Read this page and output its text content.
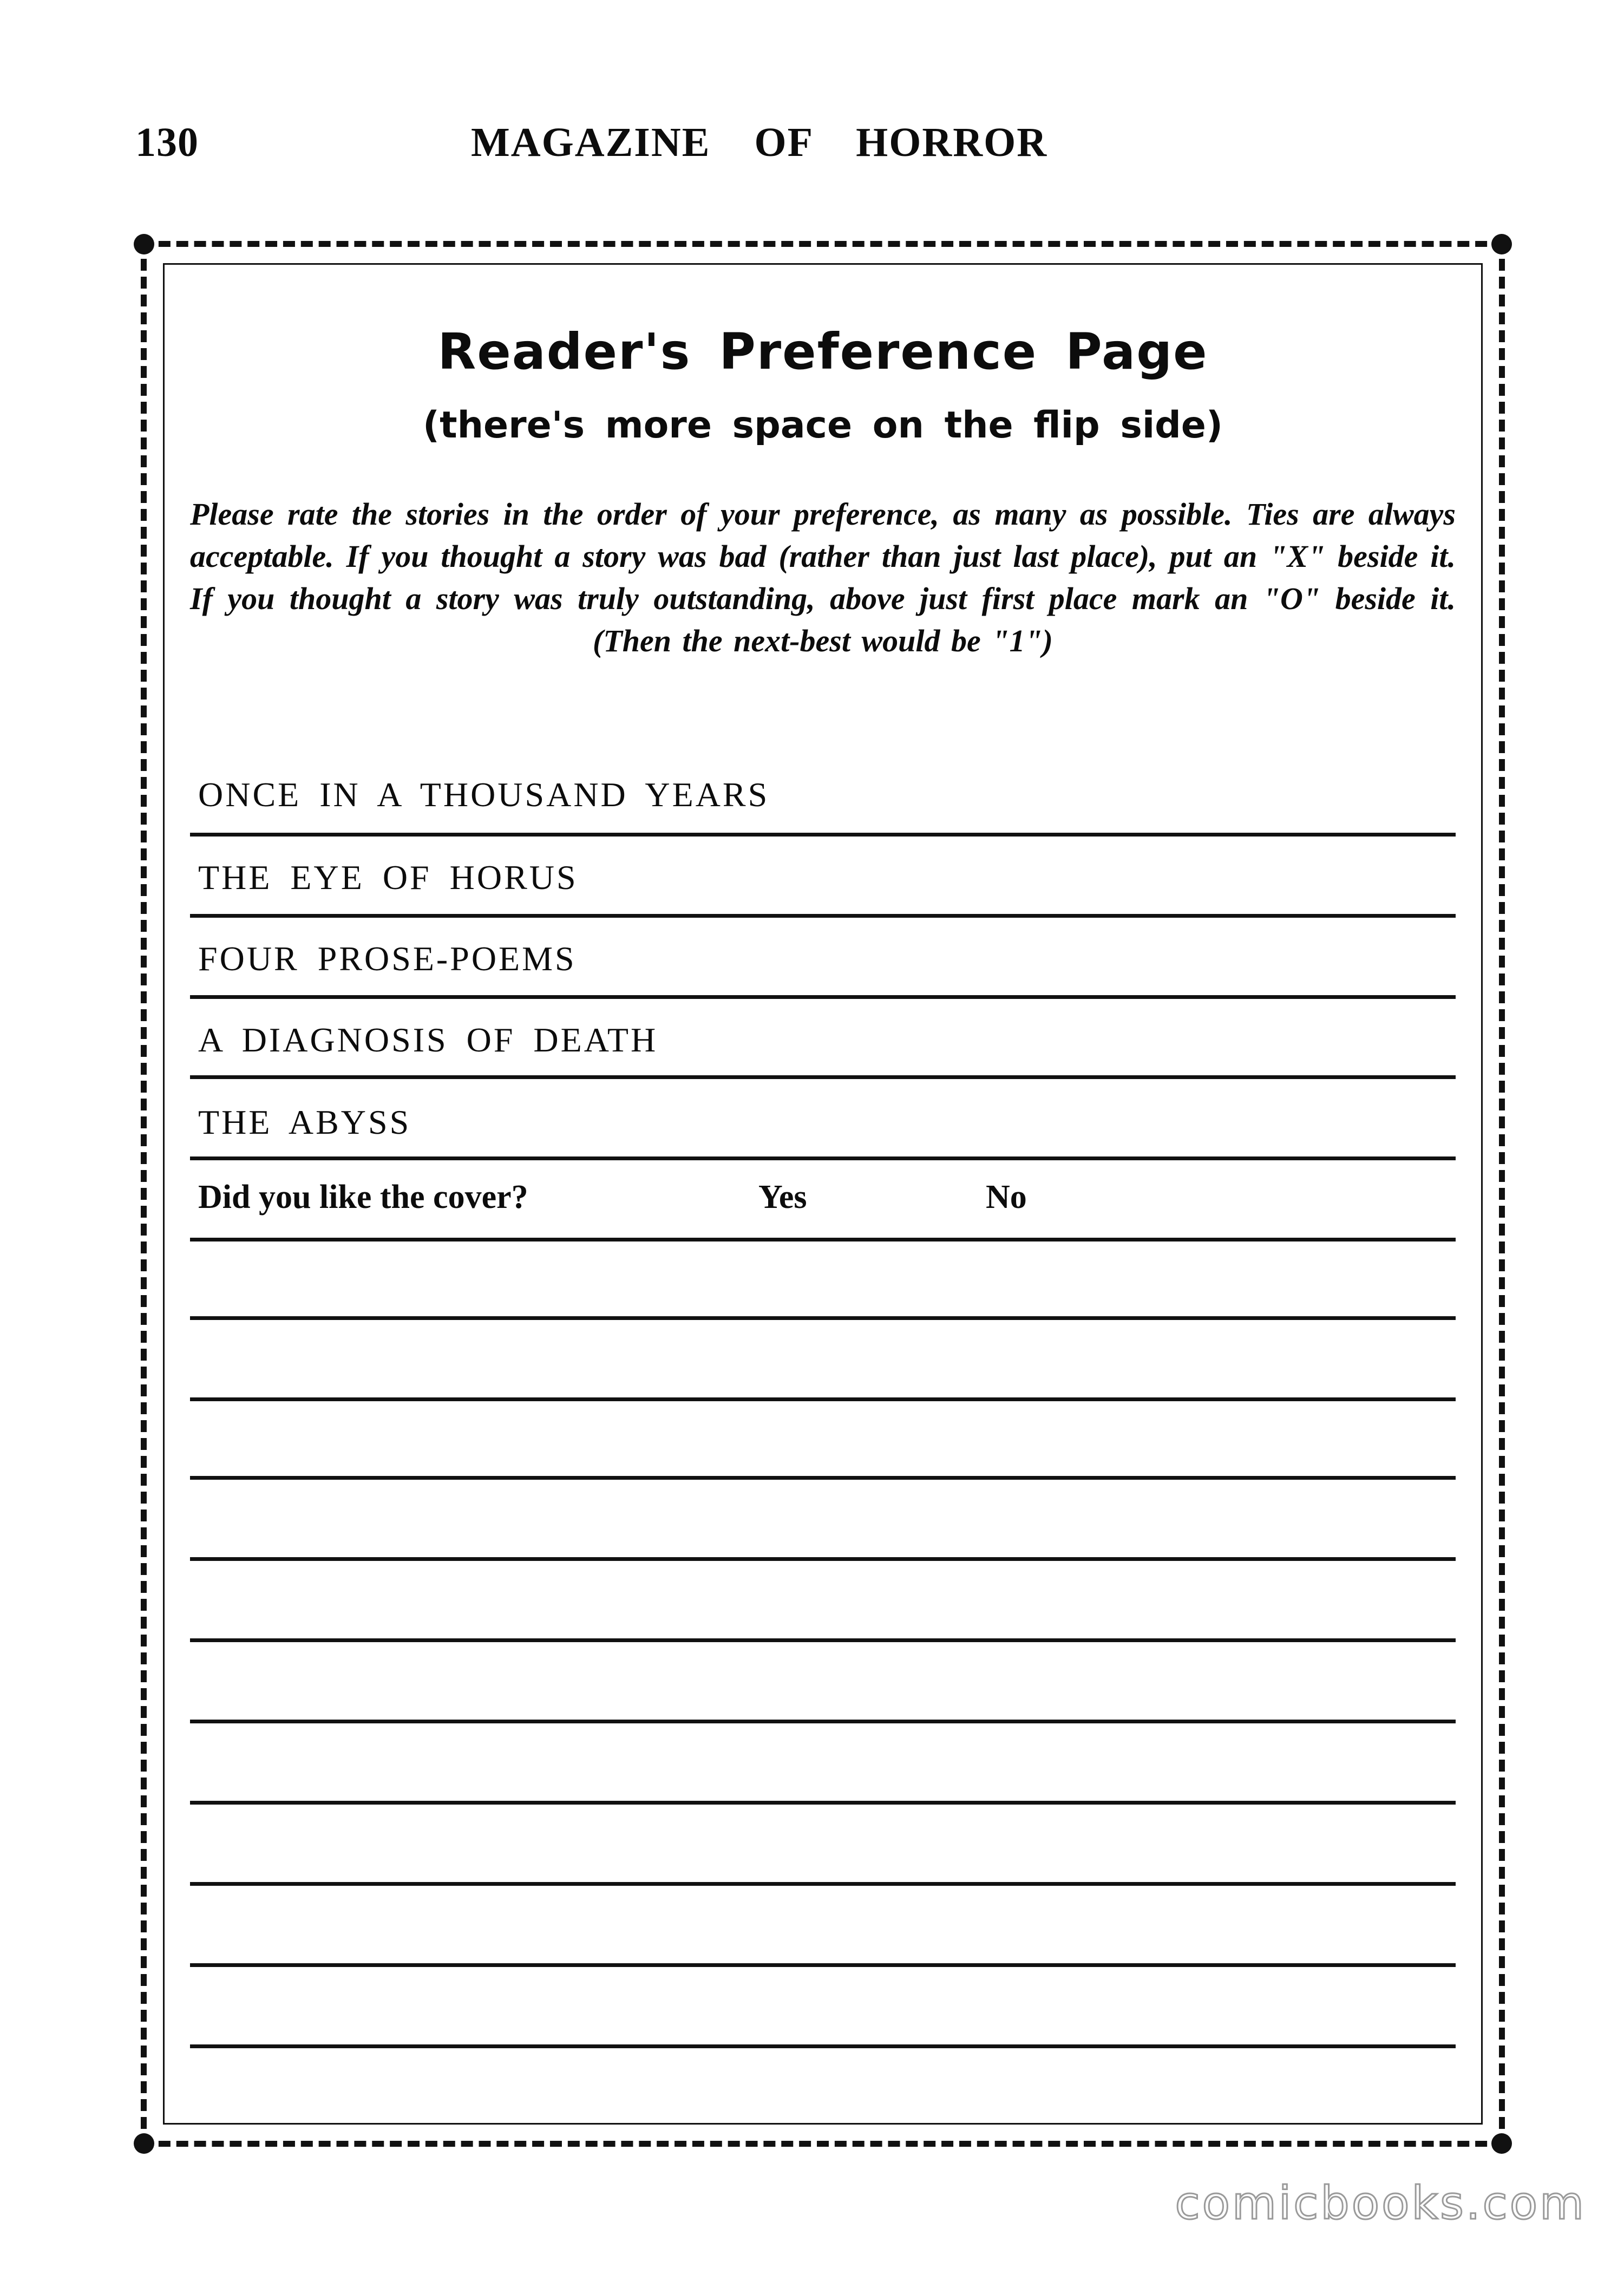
130	MAGAZINE OF HORROR
Reader's Preference Page
(there's more space on the flip side)
Please rate the stories in the order of your preference, as many as possible. Ties are always acceptable. If you thought a story was bad (rather than just last place), put an "X" beside it. If you thought a story was truly outstanding, above just first place mark an "O" beside it. (Then the next-best would be "1")
ONCE IN A THOUSAND YEARS
THE EYE OF HORUS
FOUR PROSE-POEMS
A DIAGNOSIS OF DEATH
THE ABYSS
Did you like the cover?	Yes	No
comicbooks.com
